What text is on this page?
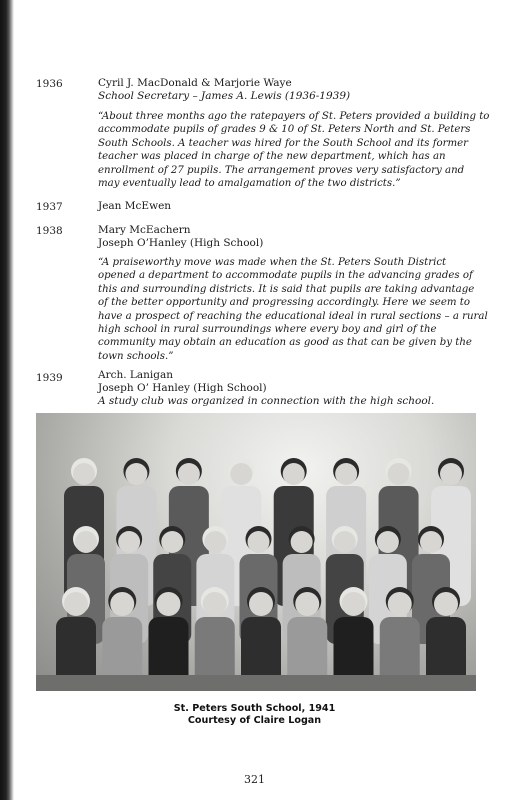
1936	Cyril J. MacDonald & Marjorie Waye
School Secretary – James A. Lewis (1936-1939)
“About three months ago the ratepayers of St. Peters provided a building to
accommodate pupils of grades 9 & 10 of St. Peters North and St. Peters
South Schools. A teacher was hired for the South School and its former
teacher was placed in charge of the new department, which has an
enrollment of 27 pupils. The arrangement proves very satisfactory and
may eventually lead to amalgamation of the two districts.”
1937	Jean McEwen
1938	Mary McEachern
Joseph O’Hanley (High School)
“A praiseworthy move was made when the St. Peters South District
opened a department to accommodate pupils in the advancing grades of
this and surrounding districts. It is said that pupils are taking advantage
of the better opportunity and progressing accordingly. Here we seem to
have a prospect of reaching the educational ideal in rural sections – a rural
high school in rural surroundings where every boy and girl of the
community may obtain an education as good as that can be given by the
town schools.”
1939	Arch. Lanigan
Joseph O’ Hanley (High School)
A study club was organized in connection with the high school.
St. Peters South School, 1941
Courtesy of Claire Logan
321
